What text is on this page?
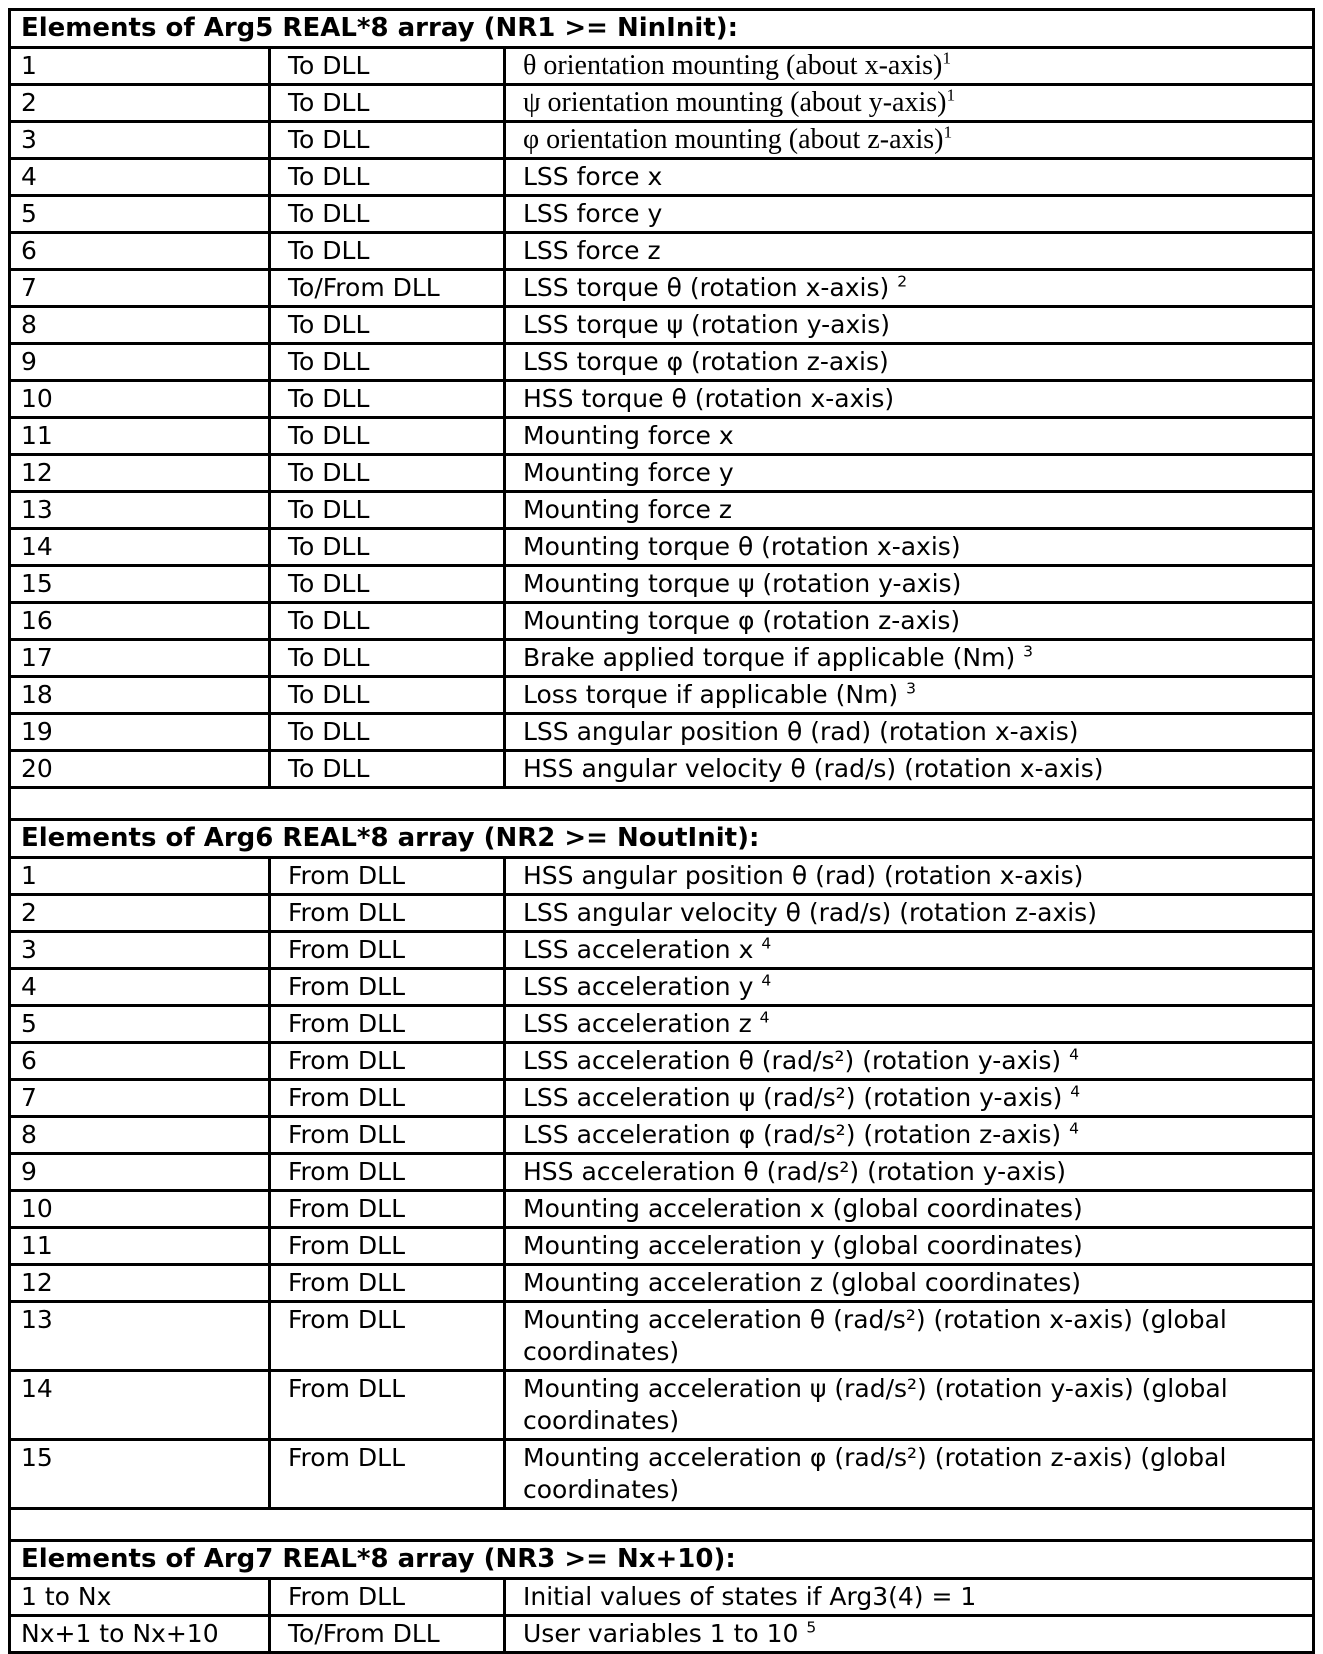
Elements of Arg5 REAL*8 array (NR1 >= NinInit):		
1	To DLL	θ orientation mounting (about x-axis)$^1$
2	To DLL	ψ orientation mounting (about y-axis)$^1$
3	To DLL	φ orientation mounting (about z-axis)$^1$
4	To DLL	LSS force x
5	To DLL	LSS force y
6	To DLL	LSS force z
7	To/From DLL	LSS torque θ (rotation x-axis) $^2$
8	To DLL	LSS torque ψ (rotation y-axis)
9	To DLL	LSS torque φ (rotation z-axis)
10	To DLL	HSS torque θ (rotation x-axis)
11	To DLL	Mounting force x
12	To DLL	Mounting force y
13	To DLL	Mounting force z
14	To DLL	Mounting torque θ (rotation x-axis)
15	To DLL	Mounting torque ψ (rotation y-axis)
16	To DLL	Mounting torque φ (rotation z-axis)
17	To DLL	Brake applied torque if applicable (Nm) $^3$
18	To DLL	Loss torque if applicable (Nm) $^3$
19	To DLL	LSS angular position θ (rad) (rotation x-axis)
20	To DLL	HSS angular velocity θ (rad/s) (rotation x-axis)

Elements of Arg6 REAL*8 array (NR2 >= NoutInit):		
1	From DLL	HSS angular position θ (rad) (rotation x-axis)
2	From DLL	LSS angular velocity θ (rad/s) (rotation z-axis)
3	From DLL	LSS acceleration x $^4$
4	From DLL	LSS acceleration y $^4$
5	From DLL	LSS acceleration z $^4$
6	From DLL	LSS acceleration θ (rad/s²) (rotation y-axis) $^4$
7	From DLL	LSS acceleration ψ (rad/s²) (rotation y-axis) $^4$
8	From DLL	LSS acceleration φ (rad/s²) (rotation z-axis) $^4$
9	From DLL	HSS acceleration θ (rad/s²) (rotation y-axis)
10	From DLL	Mounting acceleration x (global coordinates)
11	From DLL	Mounting acceleration y (global coordinates)
12	From DLL	Mounting acceleration z (global coordinates)
13	From DLL	Mounting acceleration θ (rad/s²) (rotation x-axis) (global coordinates)
14	From DLL	Mounting acceleration ψ (rad/s²) (rotation y-axis) (global coordinates)
15	From DLL	Mounting acceleration φ (rad/s²) (rotation z-axis) (global coordinates)

Elements of Arg7 REAL*8 array (NR3 >= Nx+10):		
1 to Nx	From DLL	Initial values of states if Arg3(4) = 1
Nx+1 to Nx+10	To/From DLL	User variables 1 to 10 $^5$
